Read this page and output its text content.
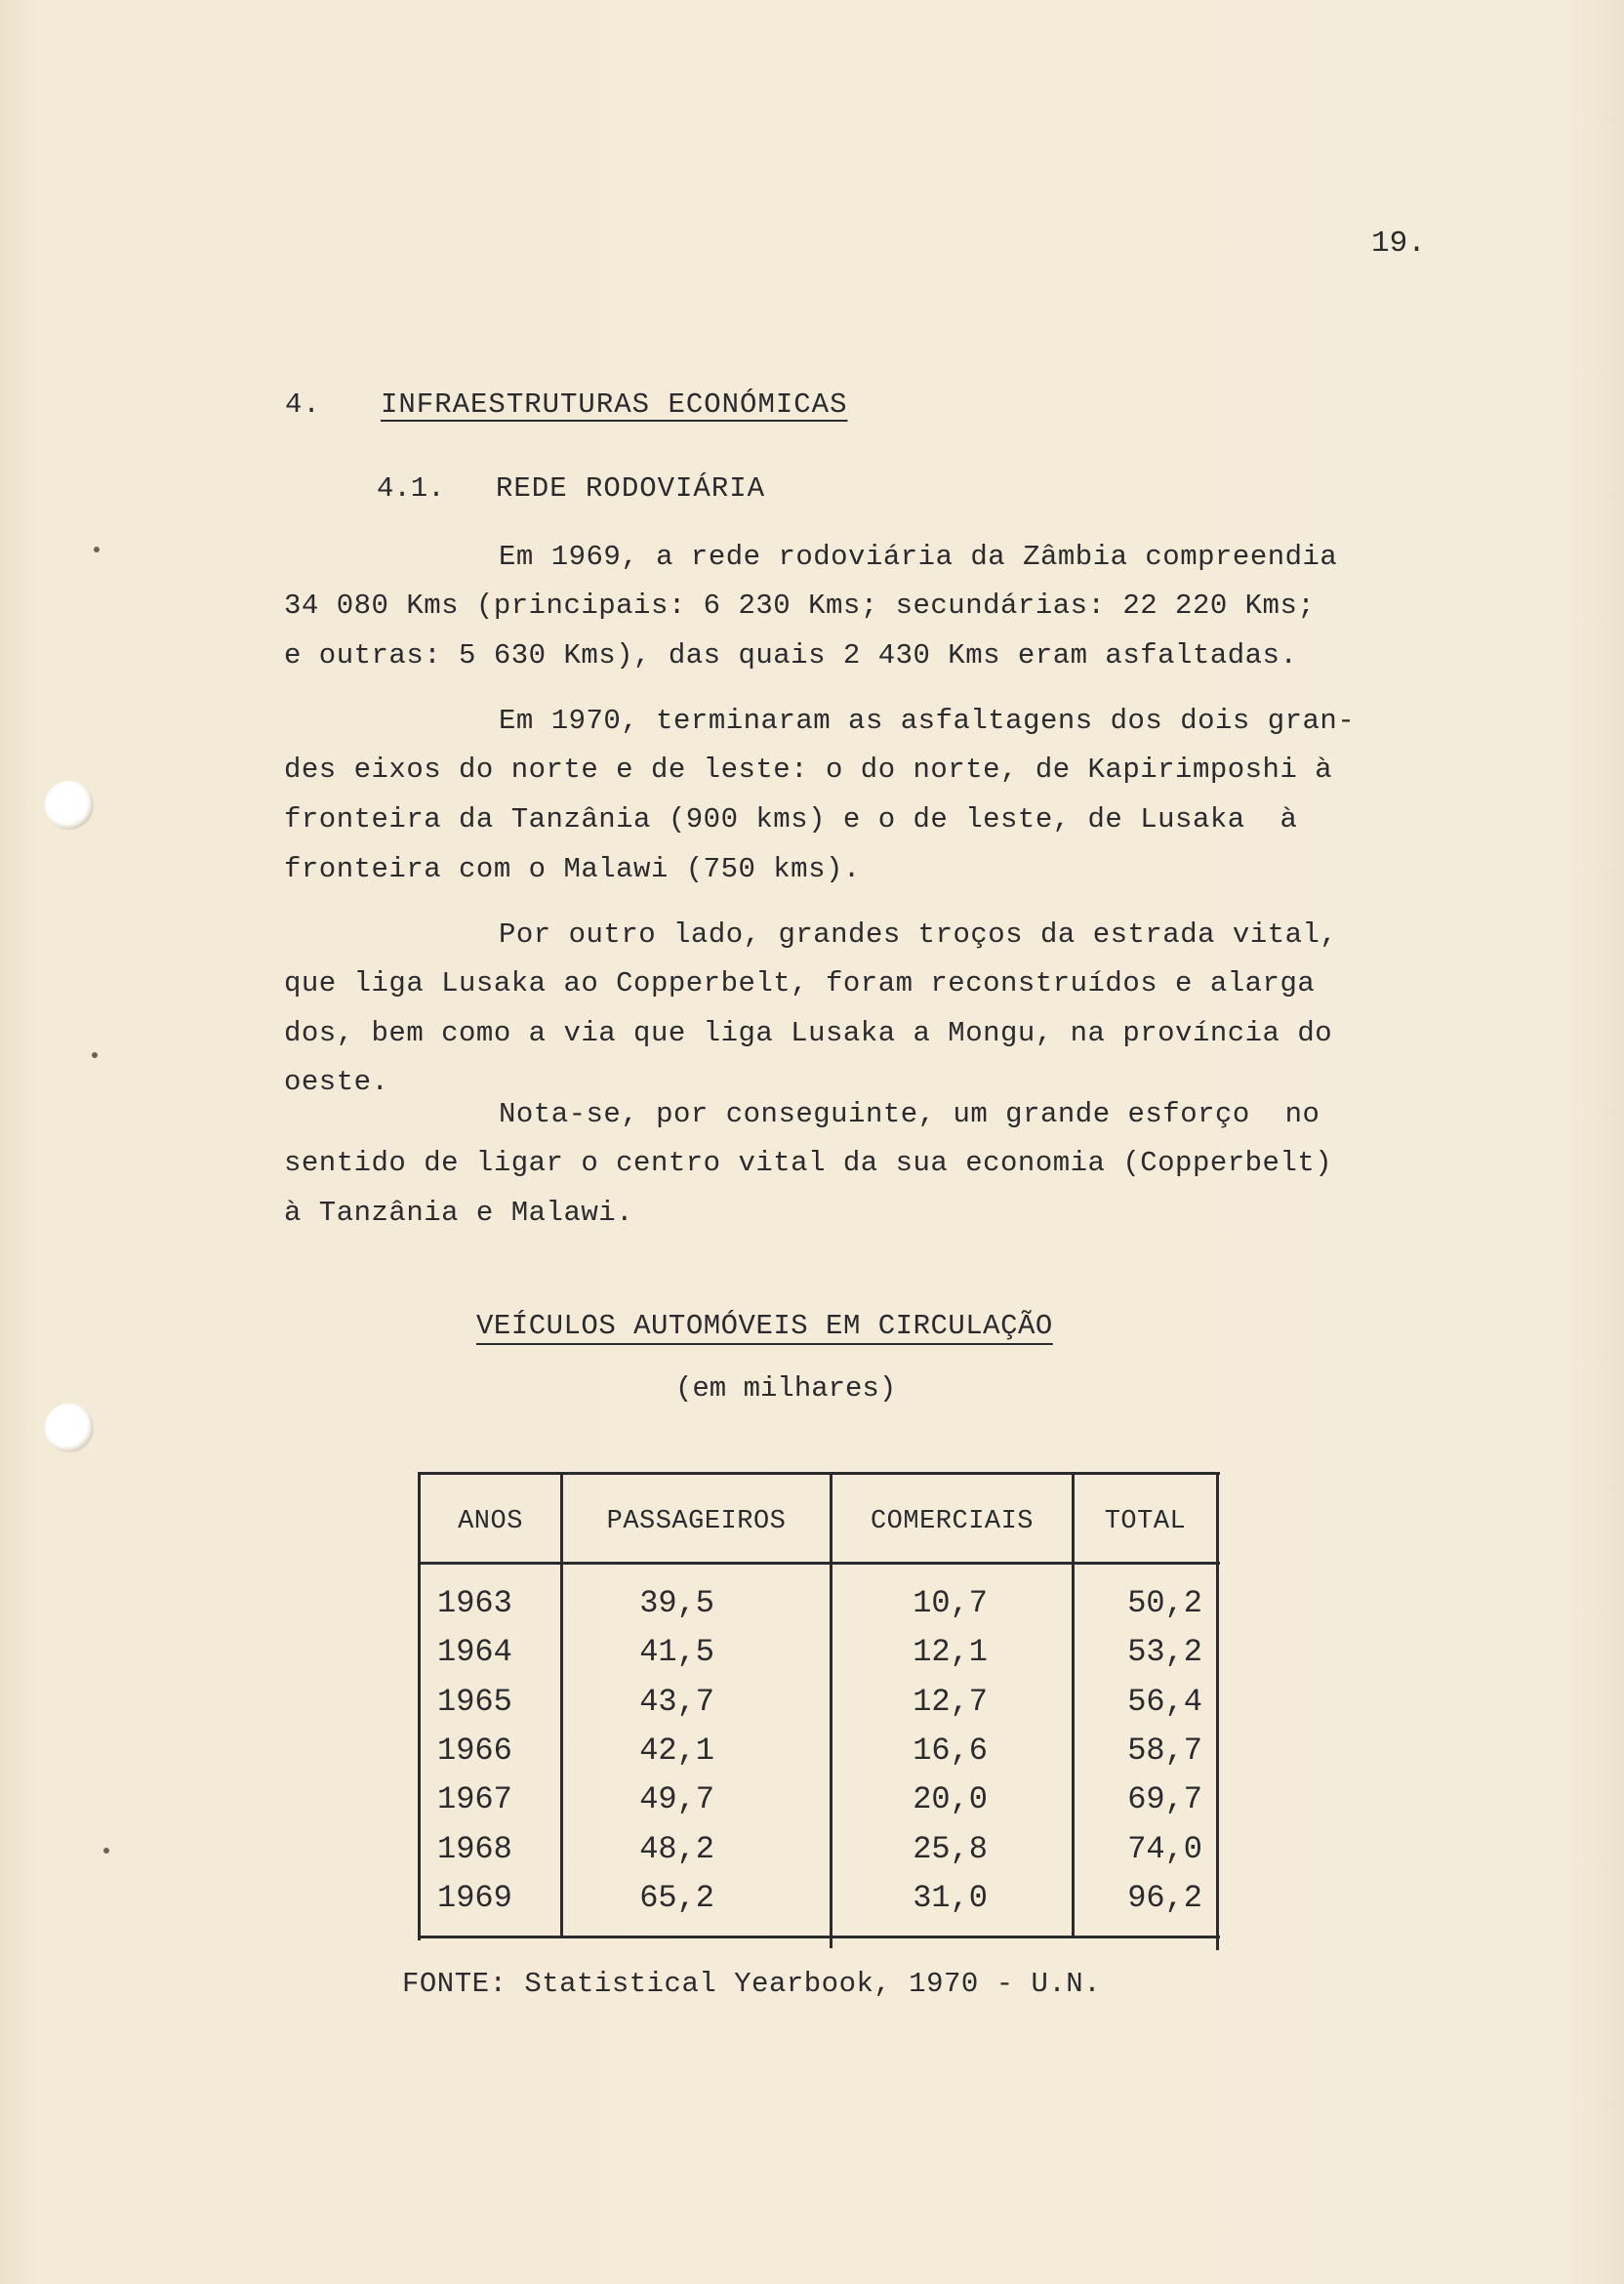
19.
4. INFRAESTRUTURAS ECONÓMICAS
4.1. REDE RODOVIÁRIA
Em 1969, a rede rodoviária da Zâmbia compreendia
34 080 Kms (principais: 6 230 Kms; secundárias: 22 220 Kms;
e outras: 5 630 Kms), das quais 2 430 Kms eram asfaltadas.
Em 1970, terminaram as asfaltagens dos dois gran-
des eixos do norte e de leste: o do norte, de Kapirimposhi à
fronteira da Tanzânia (900 kms) e o de leste, de Lusaka  à
fronteira com o Malawi (750 kms).
Por outro lado, grandes troços da estrada vital,
que liga Lusaka ao Copperbelt, foram reconstruídos e alarga
dos, bem como a via que liga Lusaka a Mongu, na província do
oeste.
Nota-se, por conseguinte, um grande esforço  no
sentido de ligar o centro vital da sua economia (Copperbelt)
à Tanzânia e Malawi.
VEÍCULOS AUTOMÓVEIS EM CIRCULAÇÃO
(em milhares)
ANOS	PASSAGEIROS	COMERCIAIS	TOTAL
1963	39,5	10,7	50,2
1964	41,5	12,1	53,2
1965	43,7	12,7	56,4
1966	42,1	16,6	58,7
1967	49,7	20,0	69,7
1968	48,2	25,8	74,0
1969	65,2	31,0	96,2
FONTE: Statistical Yearbook, 1970 - U.N.
